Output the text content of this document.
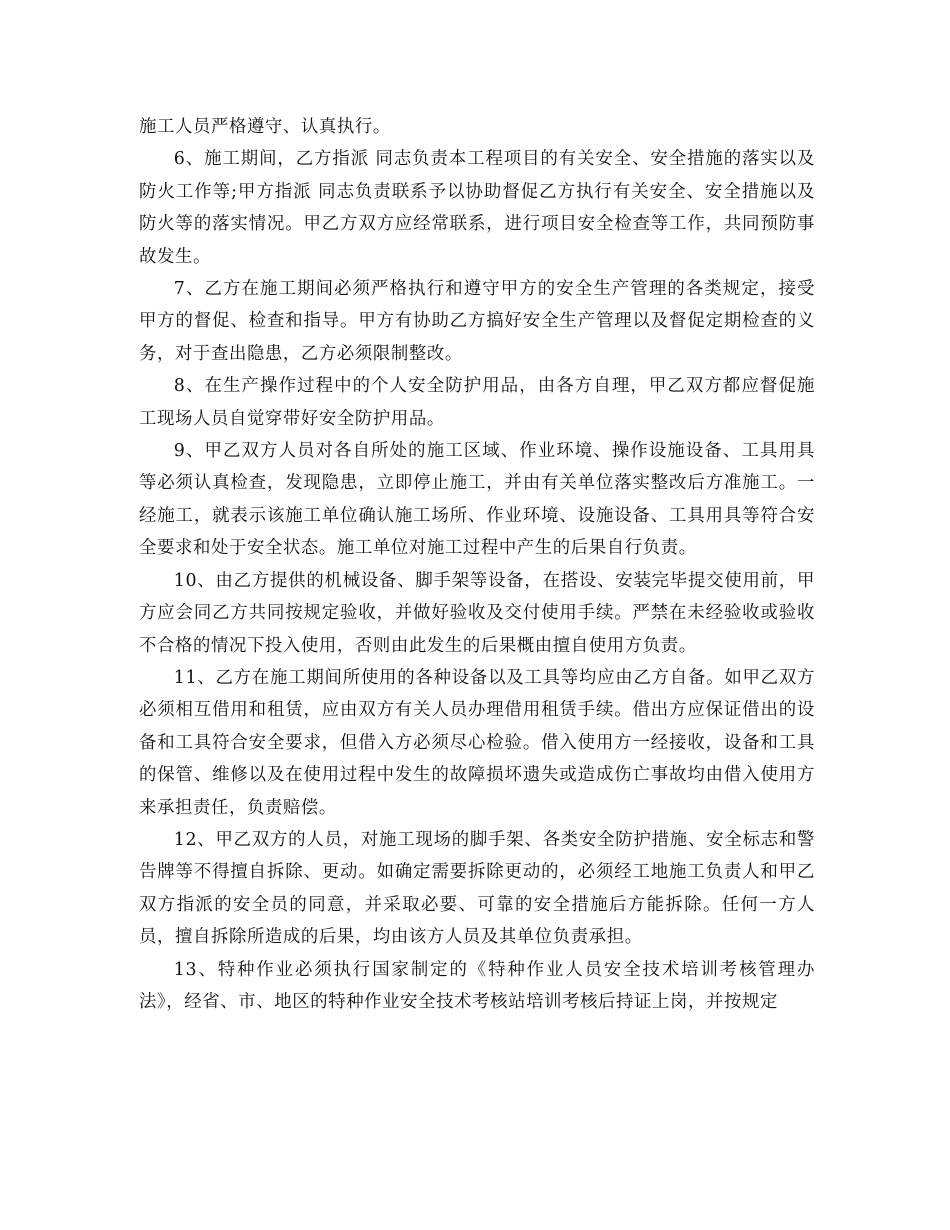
施工人员严格遵守、认真执行。

6、施工期间，乙方指派 同志负责本工程项目的有关安全、安全措施的落实以及防火工作等;甲方指派 同志负责联系予以协助督促乙方执行有关安全、安全措施以及防火等的落实情况。甲乙方双方应经常联系，进行项目安全检查等工作，共同预防事故发生。

7、乙方在施工期间必须严格执行和遵守甲方的安全生产管理的各类规定，接受甲方的督促、检查和指导。甲方有协助乙方搞好安全生产管理以及督促定期检查的义务，对于查出隐患，乙方必须限制整改。

8、在生产操作过程中的个人安全防护用品，由各方自理，甲乙双方都应督促施工现场人员自觉穿带好安全防护用品。

9、甲乙双方人员对各自所处的施工区域、作业环境、操作设施设备、工具用具等必须认真检查，发现隐患，立即停止施工，并由有关单位落实整改后方准施工。一经施工，就表示该施工单位确认施工场所、作业环境、设施设备、工具用具等符合安全要求和处于安全状态。施工单位对施工过程中产生的后果自行负责。

10、由乙方提供的机械设备、脚手架等设备，在搭设、安装完毕提交使用前，甲方应会同乙方共同按规定验收，并做好验收及交付使用手续。严禁在未经验收或验收不合格的情况下投入使用，否则由此发生的后果概由擅自使用方负责。

11、乙方在施工期间所使用的各种设备以及工具等均应由乙方自备。如甲乙双方必须相互借用和租赁，应由双方有关人员办理借用租赁手续。借出方应保证借出的设备和工具符合安全要求，但借入方必须尽心检验。借入使用方一经接收，设备和工具的保管、维修以及在使用过程中发生的故障损坏遗失或造成伤亡事故均由借入使用方来承担责任，负责赔偿。

12、甲乙双方的人员，对施工现场的脚手架、各类安全防护措施、安全标志和警告牌等不得擅自拆除、更动。如确定需要拆除更动的，必须经工地施工负责人和甲乙双方指派的安全员的同意，并采取必要、可靠的安全措施后方能拆除。任何一方人员，擅自拆除所造成的后果，均由该方人员及其单位负责承担。

13、特种作业必须执行国家制定的《特种作业人员安全技术培训考核管理办法》，经省、市、地区的特种作业安全技术考核站培训考核后持证上岗，并按规定
